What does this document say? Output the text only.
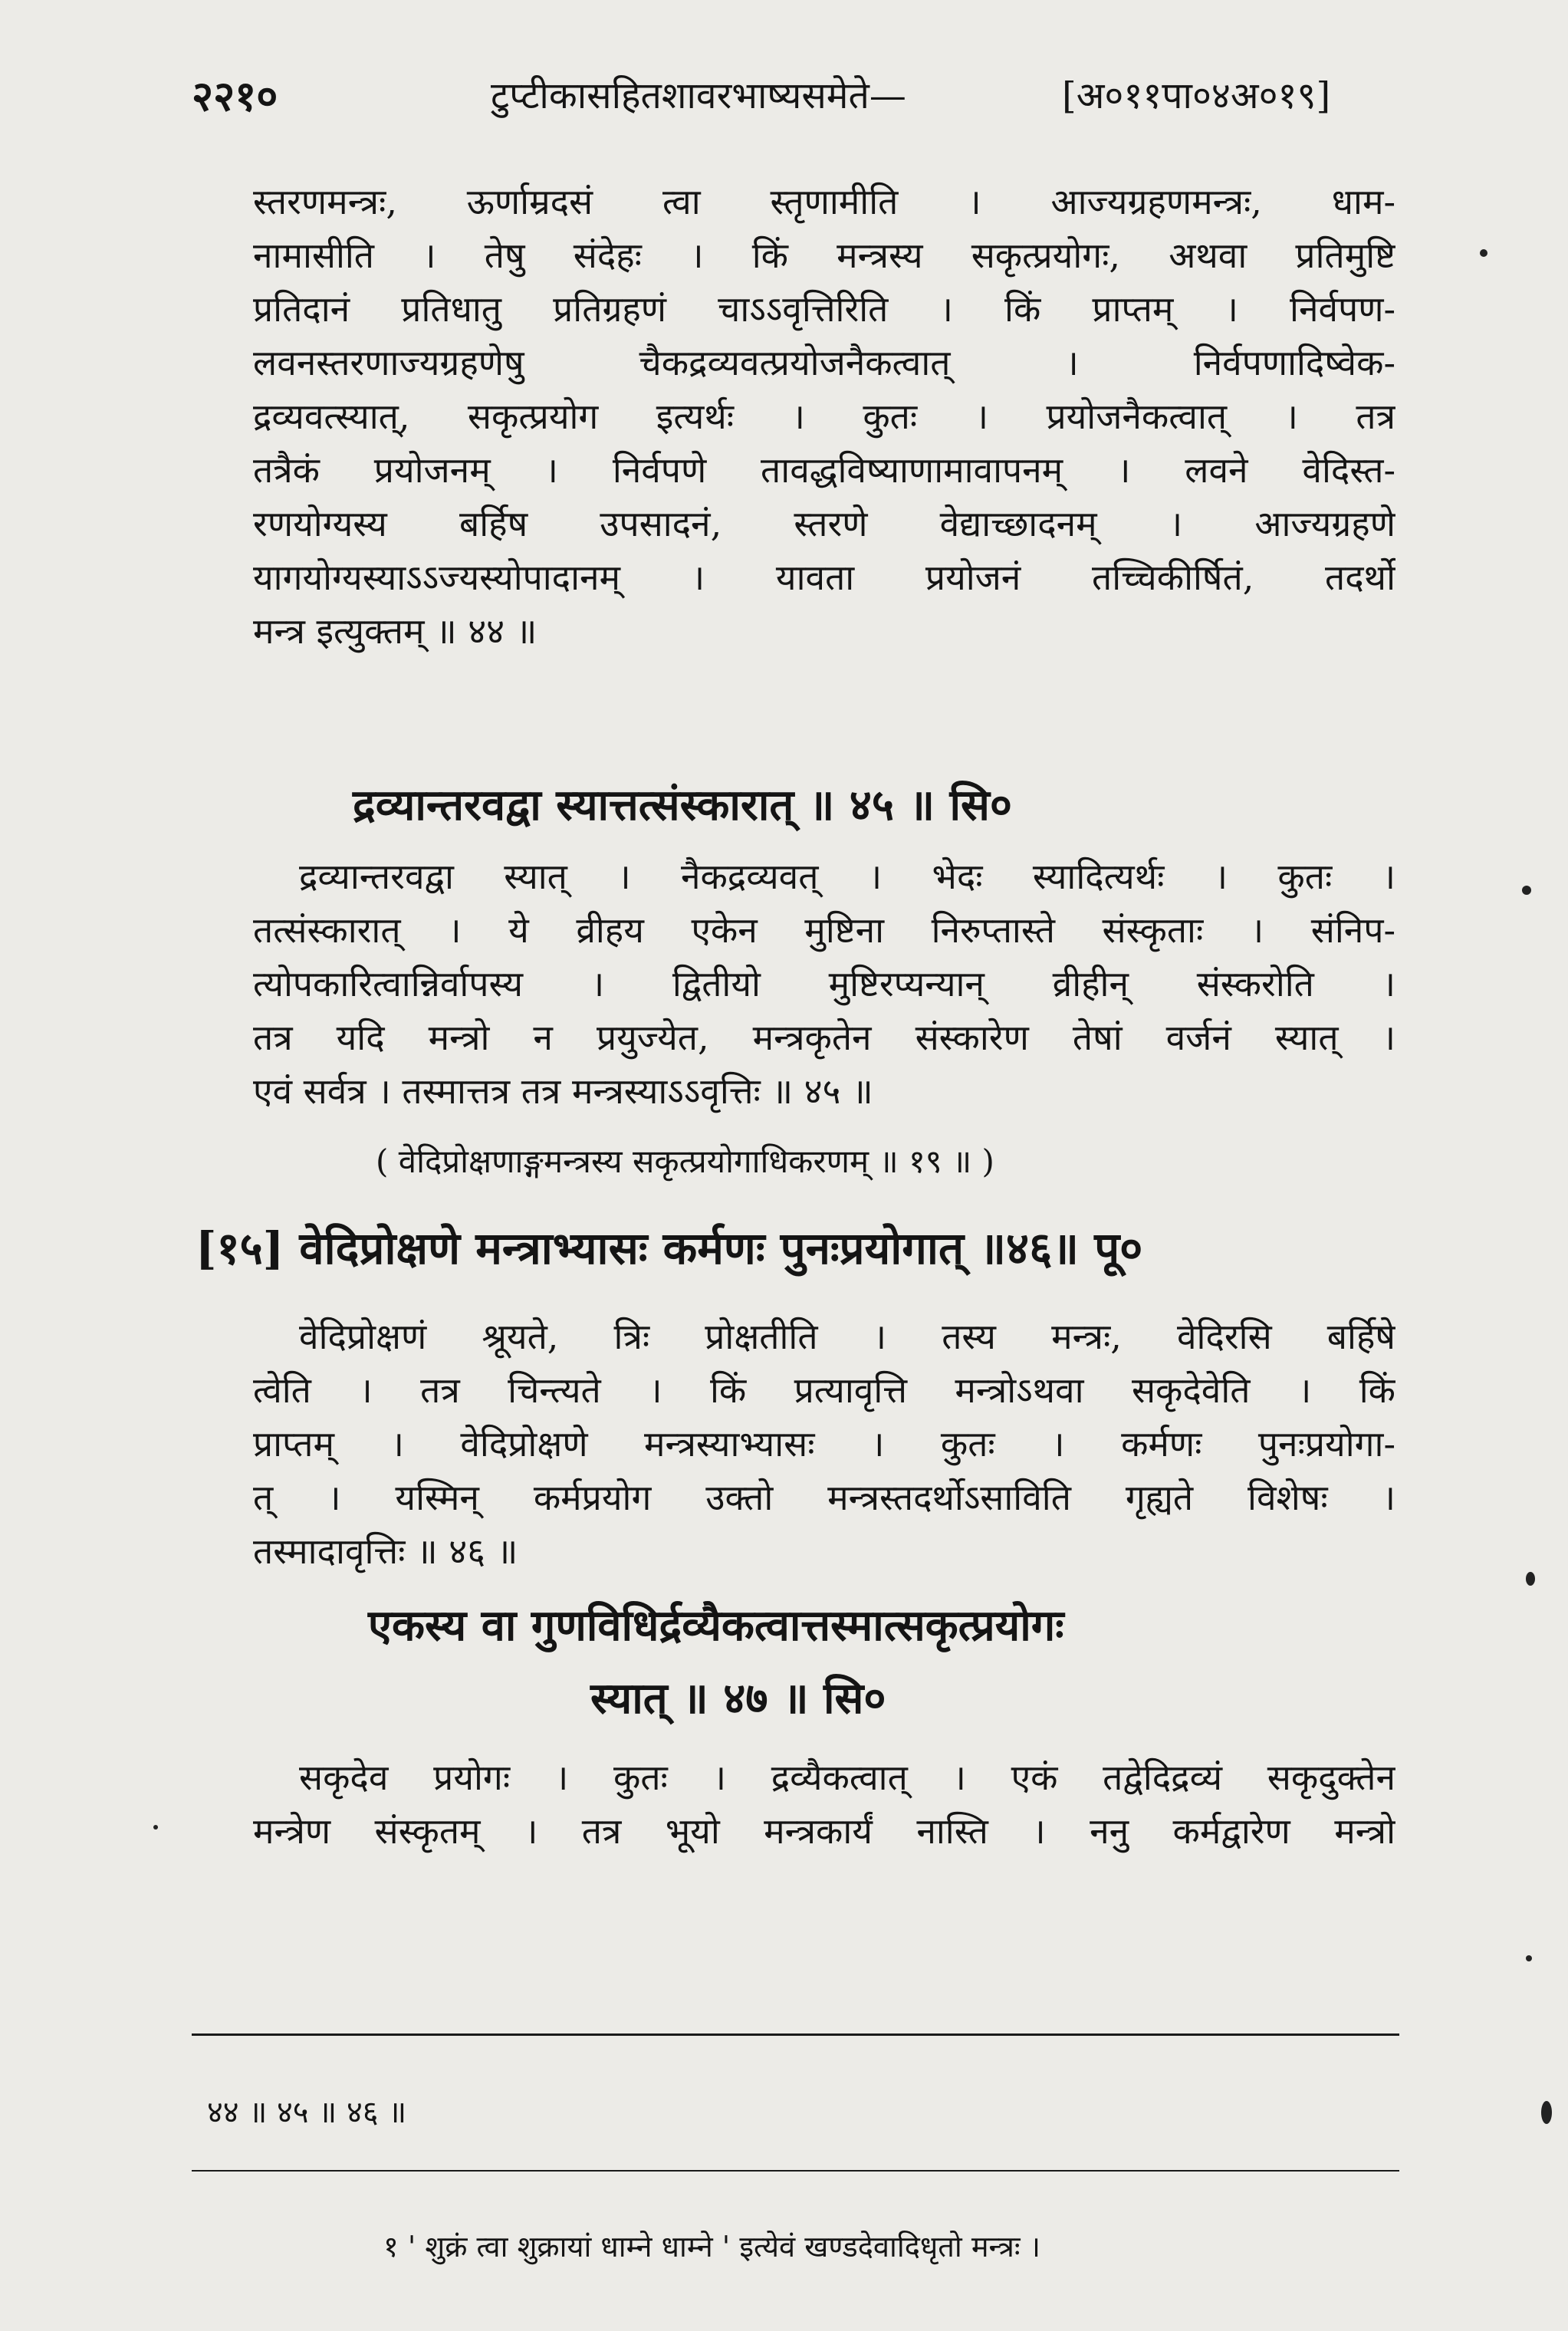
२२१०	टुप्टीकासहितशावरभाष्यसमेते—	[अ०११पा०४अ०१९]
स्तरणमन्त्रः, ऊर्णाम्रदसं त्वा स्तृणामीति । आज्यग्रहणमन्त्रः, धाम-
नामासीति । तेषु संदेहः । किं मन्त्रस्य सकृत्प्रयोगः, अथवा प्रतिमुष्टि
प्रतिदानं प्रतिधातु प्रतिग्रहणं चाऽऽवृत्तिरिति । किं प्राप्तम् । निर्वपण-
लवनस्तरणाज्यग्रहणेषु चैकद्रव्यवत्प्रयोजनैकत्वात् । निर्वपणादिष्वेक-
द्रव्यवत्स्यात्, सकृत्प्रयोग इत्यर्थः । कुतः । प्रयोजनैकत्वात् । तत्र
तत्रैकं प्रयोजनम् । निर्वपणे तावद्धविष्याणामावापनम् । लवने वेदिस्त-
रणयोग्यस्य बर्हिष उपसादनं, स्तरणे वेद्याच्छादनम् । आज्यग्रहणे
यागयोग्यस्याऽऽज्यस्योपादानम् । यावता प्रयोजनं तच्चिकीर्षितं, तदर्थो
मन्त्र इत्युक्तम् ॥ ४४ ॥
द्रव्यान्तरवद्वा स्यात्तत्संस्कारात् ॥ ४५ ॥ सि०
द्रव्यान्तरवद्वा स्यात् । नैकद्रव्यवत् । भेदः स्यादित्यर्थः । कुतः ।
तत्संस्कारात् । ये व्रीहय एकेन मुष्टिना निरुप्तास्ते संस्कृताः । संनिप-
त्योपकारित्वान्निर्वापस्य । द्वितीयो मुष्टिरप्यन्यान् व्रीहीन् संस्करोति ।
तत्र यदि मन्त्रो न प्रयुज्येत, मन्त्रकृतेन संस्कारेण तेषां वर्जनं स्यात् ।
एवं सर्वत्र । तस्मात्तत्र तत्र मन्त्रस्याऽऽवृत्तिः ॥ ४५ ॥
( वेदिप्रोक्षणाङ्गमन्त्रस्य सकृत्प्रयोगाधिकरणम् ॥ १९ ॥ )
[१५] वेदिप्रोक्षणे मन्त्राभ्यासः कर्मणः पुनःप्रयोगात् ॥४६॥ पू०
वेदिप्रोक्षणं श्रूयते, त्रिः प्रोक्षतीति । तस्य मन्त्रः, वेदिरसि बर्हिषे
त्वेति । तत्र चिन्त्यते । किं प्रत्यावृत्ति मन्त्रोऽथवा सकृदेवेति । किं
प्राप्तम् । वेदिप्रोक्षणे मन्त्रस्याभ्यासः । कुतः । कर्मणः पुनःप्रयोगा-
त् । यस्मिन् कर्मप्रयोग उक्तो मन्त्रस्तदर्थोऽसाविति गृह्यते विशेषः ।
तस्मादावृत्तिः ॥ ४६ ॥
एकस्य वा गुणविधिर्द्रव्यैकत्वात्तस्मात्सकृत्प्रयोगः
स्यात् ॥ ४७ ॥ सि०
सकृदेव प्रयोगः । कुतः । द्रव्यैकत्वात् । एकं तद्वेदिद्रव्यं सकृदुक्तेन
मन्त्रेण संस्कृतम् । तत्र भूयो मन्त्रकार्यं नास्ति । ननु कर्मद्वारेण मन्त्रो
४४ ॥ ४५ ॥ ४६ ॥
१ ' शुक्रं त्वा शुक्रायां धाम्ने धाम्ने ' इत्येवं खण्डदेवादिधृतो मन्त्रः ।
